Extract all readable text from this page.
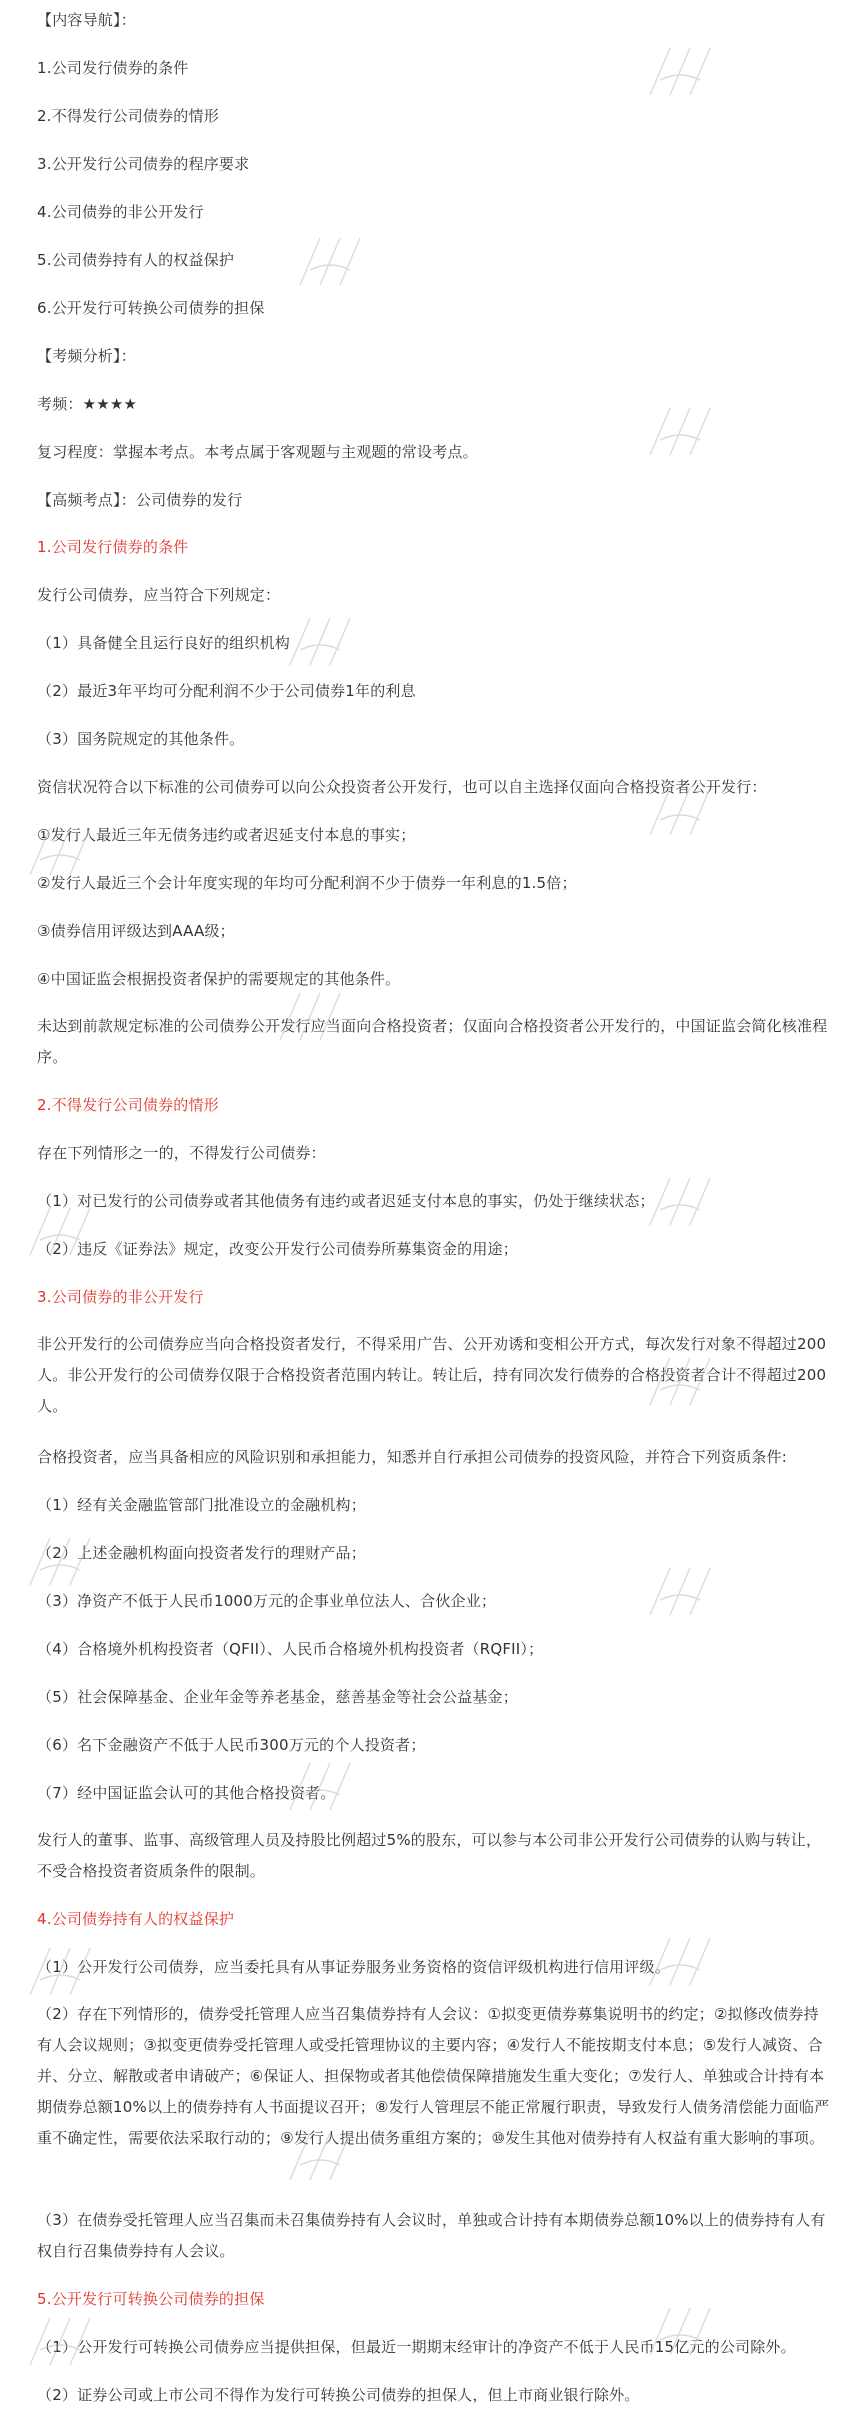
【内容导航】：
1.公司发行债券的条件
2.不得发行公司债券的情形
3.公开发行公司债券的程序要求
4.公司债券的非公开发行
5.公司债券持有人的权益保护
6.公开发行可转换公司债券的担保
【考频分析】：
考频：★★★★
复习程度：掌握本考点。本考点属于客观题与主观题的常设考点。
【高频考点】：公司债券的发行
1.公司发行债券的条件
发行公司债券，应当符合下列规定：
（1）具备健全且运行良好的组织机构
（2）最近3年平均可分配利润不少于公司债券1年的利息
（3）国务院规定的其他条件。
资信状况符合以下标准的公司债券可以向公众投资者公开发行，也可以自主选择仅面向合格投资者公开发行：
①发行人最近三年无债务违约或者迟延支付本息的事实；
②发行人最近三个会计年度实现的年均可分配利润不少于债券一年利息的1.5倍；
③债券信用评级达到AAA级；
④中国证监会根据投资者保护的需要规定的其他条件。
未达到前款规定标准的公司债券公开发行应当面向合格投资者；仅面向合格投资者公开发行的，中国证监会简化核准程序。
2.不得发行公司债券的情形
存在下列情形之一的，不得发行公司债券：
（1）对已发行的公司债券或者其他债务有违约或者迟延支付本息的事实，仍处于继续状态；
（2）违反《证券法》规定，改变公开发行公司债券所募集资金的用途；
3.公司债券的非公开发行
非公开发行的公司债券应当向合格投资者发行，不得采用广告、公开劝诱和变相公开方式，每次发行对象不得超过200人。非公开发行的公司债券仅限于合格投资者范围内转让。转让后，持有同次发行债券的合格投资者合计不得超过200人。
合格投资者，应当具备相应的风险识别和承担能力，知悉并自行承担公司债券的投资风险，并符合下列资质条件:
（1）经有关金融监管部门批准设立的金融机构；
（2）上述金融机构面向投资者发行的理财产品；
（3）净资产不低于人民币1000万元的企事业单位法人、合伙企业；
（4）合格境外机构投资者（QFII）、人民币合格境外机构投资者（RQFII）；
（5）社会保障基金、企业年金等养老基金，慈善基金等社会公益基金；
（6）名下金融资产不低于人民币300万元的个人投资者；
（7）经中国证监会认可的其他合格投资者。
发行人的董事、监事、高级管理人员及持股比例超过5%的股东，可以参与本公司非公开发行公司债券的认购与转让，不受合格投资者资质条件的限制。
4.公司债券持有人的权益保护
（1）公开发行公司债券，应当委托具有从事证券服务业务资格的资信评级机构进行信用评级。
（2）存在下列情形的，债券受托管理人应当召集债券持有人会议：①拟变更债券募集说明书的约定；②拟修改债券持有人会议规则；③拟变更债券受托管理人或受托管理协议的主要内容；④发行人不能按期支付本息；⑤发行人减资、合并、分立、解散或者申请破产；⑥保证人、担保物或者其他偿债保障措施发生重大变化；⑦发行人、单独或合计持有本期债券总额10%以上的债券持有人书面提议召开；⑧发行人管理层不能正常履行职责，导致发行人债务清偿能力面临严重不确定性，需要依法采取行动的；⑨发行人提出债务重组方案的；⑩发生其他对债券持有人权益有重大影响的事项。
（3）在债券受托管理人应当召集而未召集债券持有人会议时，单独或合计持有本期债券总额10%以上的债券持有人有权自行召集债券持有人会议。
5.公开发行可转换公司债券的担保
（1）公开发行可转换公司债券应当提供担保，但最近一期期末经审计的净资产不低于人民币15亿元的公司除外。
（2）证券公司或上市公司不得作为发行可转换公司债券的担保人，但上市商业银行除外。
